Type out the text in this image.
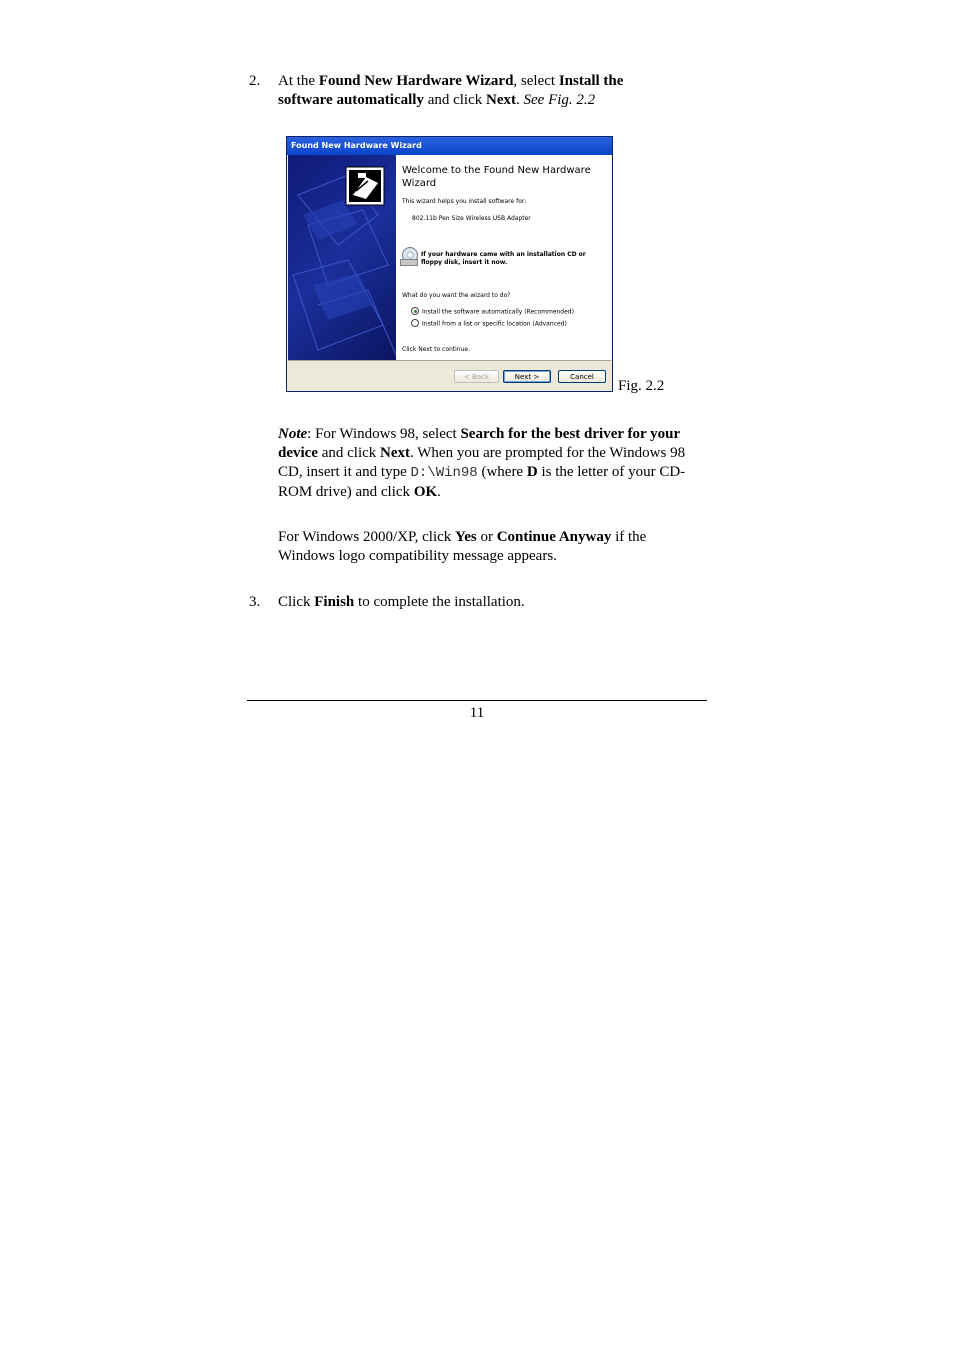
2. At the Found New Hardware Wizard, select Install the software automatically and click Next. See Fig. 2.2

Found New Hardware Wizard
Welcome to the Found New Hardware Wizard
This wizard helps you install software for:
802.11b Pen Size Wireless USB Adapter
If your hardware came with an installation CD or floppy disk, insert it now.
What do you want the wizard to do?
Install the software automatically (Recommended)
Install from a list or specific location (Advanced)
Click Next to continue.
< Back	Next >	Cancel
Fig. 2.2

Note: For Windows 98, select Search for the best driver for your device and click Next. When you are prompted for the Windows 98 CD, insert it and type D:\Win98 (where D is the letter of your CD-ROM drive) and click OK.

For Windows 2000/XP, click Yes or Continue Anyway if the Windows logo compatibility message appears.

3. Click Finish to complete the installation.

11
